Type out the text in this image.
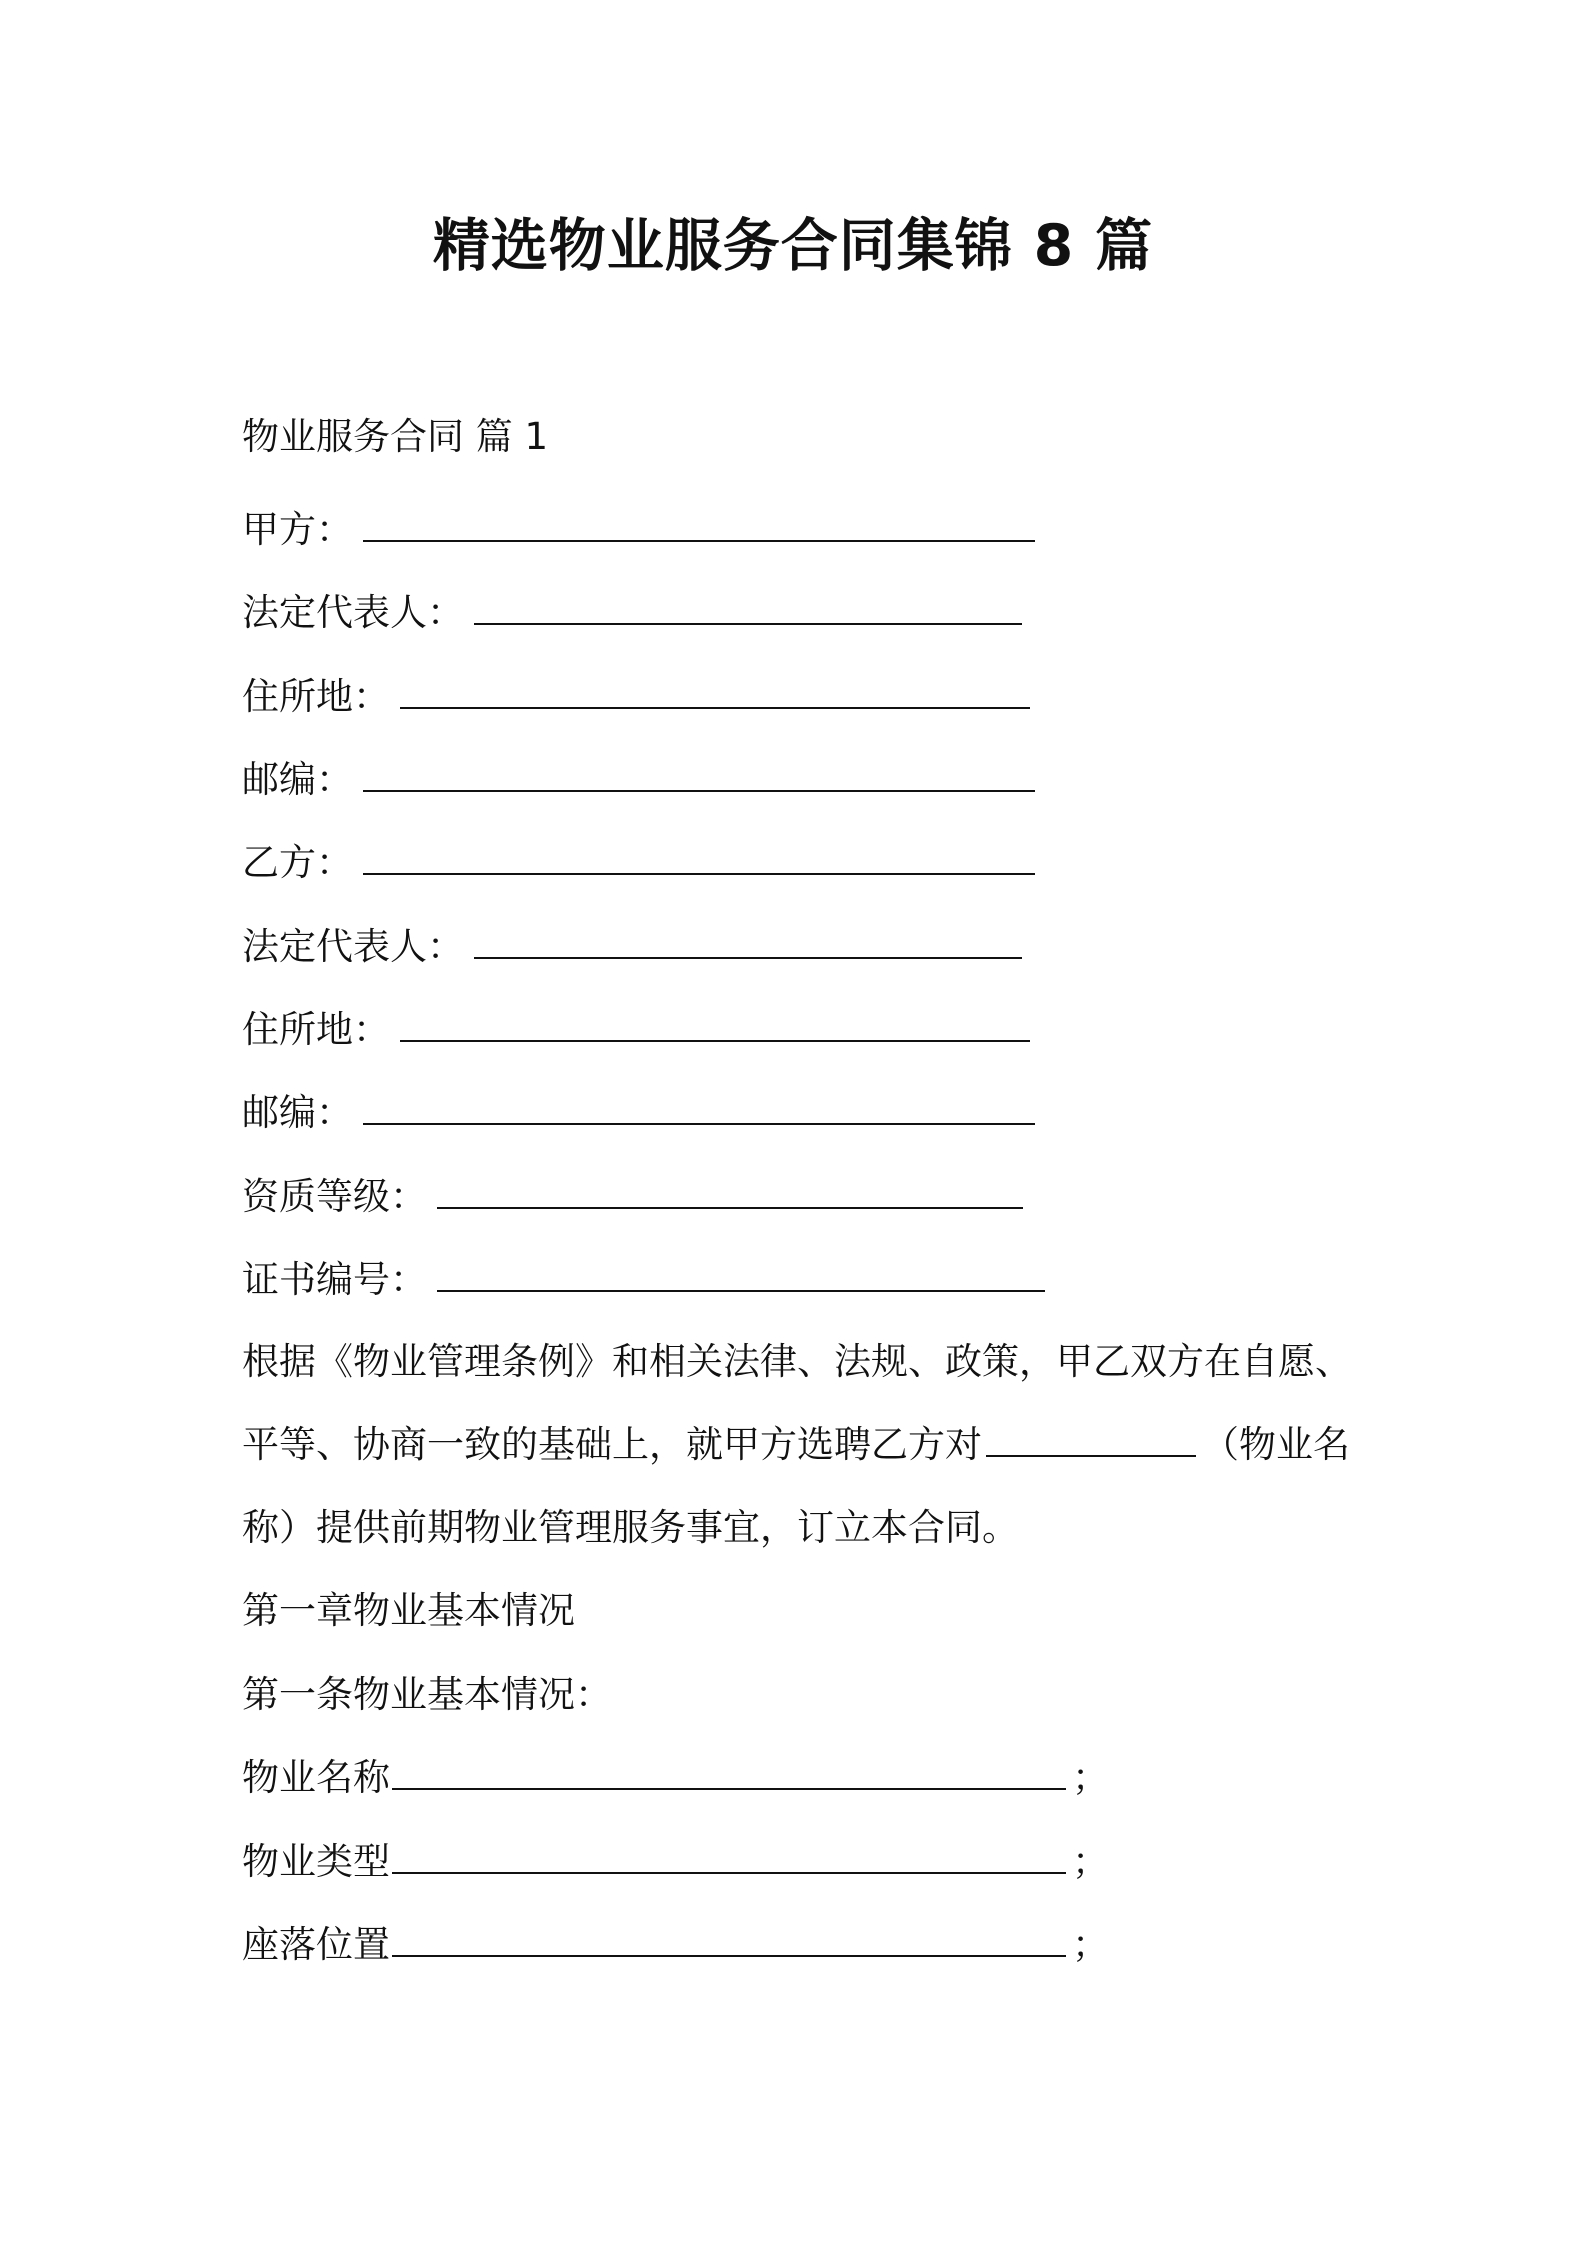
精选物业服务合同集锦 8 篇

物业服务合同 篇 1

甲方：

法定代表人：

住所地：

邮编：

乙方：

法定代表人：

住所地：

邮编：

资质等级：

证书编号：

根据《物业管理条例》和相关法律、法规、政策，甲乙双方在自愿、

平等、协商一致的基础上，就甲方选聘乙方对	（物业名

称）提供前期物业管理服务事宜，订立本合同。

第一章物业基本情况

第一条物业基本情况：

物业名称	；

物业类型	；

座落位置	；
